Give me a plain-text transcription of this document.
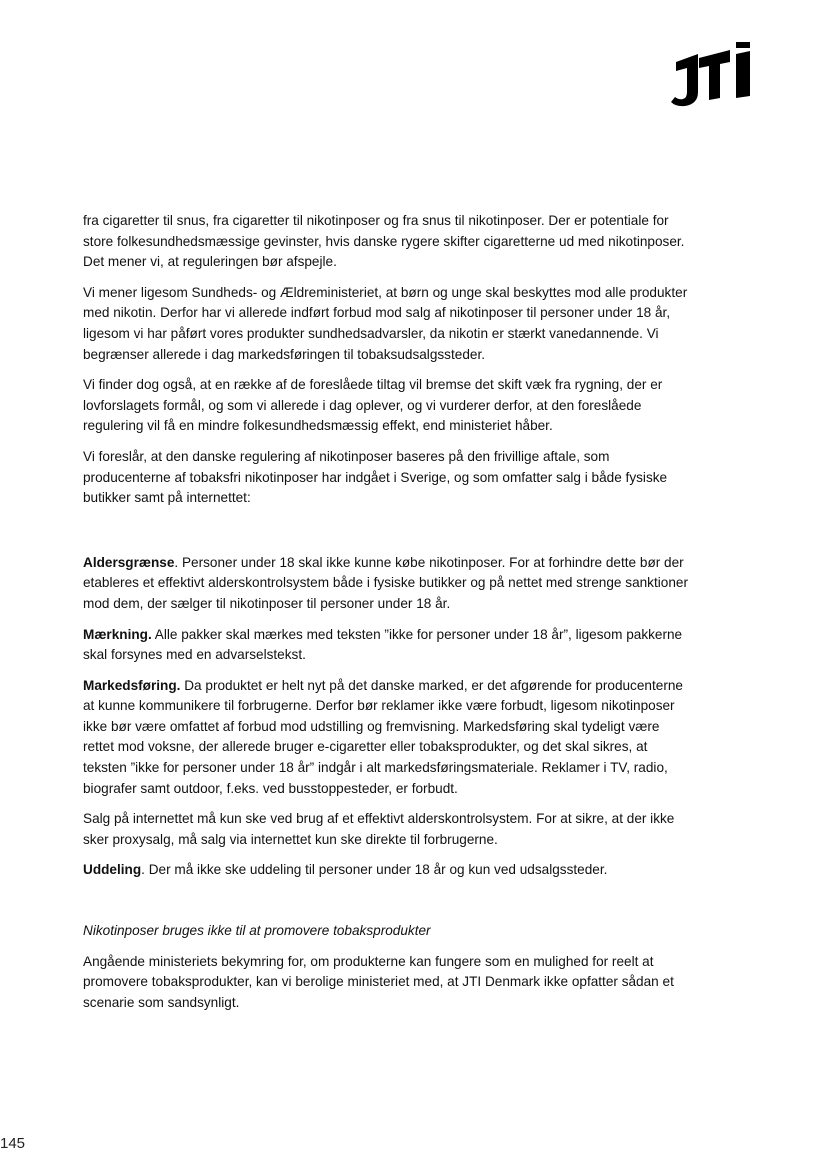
fra cigaretter til snus, fra cigaretter til nikotinposer og fra snus til nikotinposer. Der er potentiale for store folkesundhedsmæssige gevinster, hvis danske rygere skifter cigaretterne ud med nikotinposer. Det mener vi, at reguleringen bør afspejle.

Vi mener ligesom Sundheds- og Ældreministeriet, at børn og unge skal beskyttes mod alle produkter med nikotin. Derfor har vi allerede indført forbud mod salg af nikotinposer til personer under 18 år, ligesom vi har påført vores produkter sundhedsadvarsler, da nikotin er stærkt vanedannende. Vi begrænser allerede i dag markedsføringen til tobaksudsalgssteder.

Vi finder dog også, at en række af de foreslåede tiltag vil bremse det skift væk fra rygning, der er lovforslagets formål, og som vi allerede i dag oplever, og vi vurderer derfor, at den foreslåede regulering vil få en mindre folkesundhedsmæssig effekt, end ministeriet håber.

Vi foreslår, at den danske regulering af nikotinposer baseres på den frivillige aftale, som producenterne af tobaksfri nikotinposer har indgået i Sverige, og som omfatter salg i både fysiske butikker samt på internettet:

Aldersgrænse. Personer under 18 skal ikke kunne købe nikotinposer. For at forhindre dette bør der etableres et effektivt alderskontrolsystem både i fysiske butikker og på nettet med strenge sanktioner mod dem, der sælger til nikotinposer til personer under 18 år.

Mærkning. Alle pakker skal mærkes med teksten ”ikke for personer under 18 år”, ligesom pakkerne skal forsynes med en advarselstekst.

Markedsføring. Da produktet er helt nyt på det danske marked, er det afgørende for producenterne at kunne kommunikere til forbrugerne. Derfor bør reklamer ikke være forbudt, ligesom nikotinposer ikke bør være omfattet af forbud mod udstilling og fremvisning. Markedsføring skal tydeligt være rettet mod voksne, der allerede bruger e-cigaretter eller tobaksprodukter, og det skal sikres, at teksten ”ikke for personer under 18 år” indgår i alt markedsføringsmateriale. Reklamer i TV, radio, biografer samt outdoor, f.eks. ved busstoppesteder, er forbudt.

Salg på internettet må kun ske ved brug af et effektivt alderskontrolsystem. For at sikre, at der ikke sker proxysalg, må salg via internettet kun ske direkte til forbrugerne.

Uddeling. Der må ikke ske uddeling til personer under 18 år og kun ved udsalgssteder.

Nikotinposer bruges ikke til at promovere tobaksprodukter

Angående ministeriets bekymring for, om produkterne kan fungere som en mulighed for reelt at promovere tobaksprodukter, kan vi berolige ministeriet med, at JTI Denmark ikke opfatter sådan et scenarie som sandsynligt.

145
